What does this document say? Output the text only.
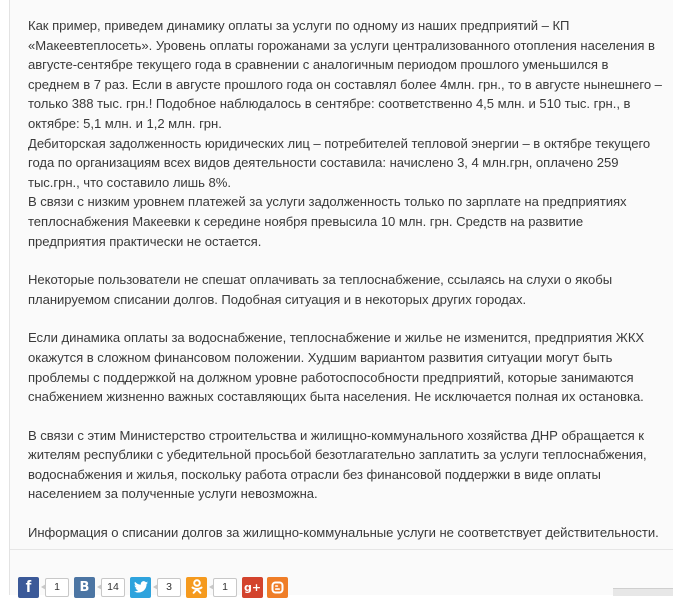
Как пример, приведем динамику оплаты за услуги по одному из наших предприятий – КП
«Макеевтеплосеть». Уровень оплаты горожанами за услуги централизованного отопления населения в
августе-сентябре текущего года в сравнении с аналогичным периодом прошлого уменьшился в
среднем в 7 раз. Если в августе прошлого года он составлял более 4млн. грн., то в августе нынешнего –
только 388 тыс. грн.! Подобное наблюдалось в сентябре: соответственно 4,5 млн. и 510 тыс. грн., в
октябре: 5,1 млн. и 1,2 млн. грн.
Дебиторская задолженность юридических лиц – потребителей тепловой энергии – в октябре текущего
года по организациям всех видов деятельности составила: начислено 3, 4 млн.грн, оплачено 259
тыс.грн., что составило лишь 8%.
В связи с низким уровнем платежей за услуги задолженность только по зарплате на предприятиях
теплоснабжения Макеевки к середине ноября превысила 10 млн. грн. Средств на развитие
предприятия практически не остается.

Некоторые пользователи не спешат оплачивать за теплоснабжение, ссылаясь на слухи о якобы
планируемом списании долгов. Подобная ситуация и в некоторых других городах.

Если динамика оплаты за водоснабжение, теплоснабжение и жилье не изменится, предприятия ЖКХ
окажутся в сложном финансовом положении. Худшим вариантом развития ситуации могут быть
проблемы с поддержкой на должном уровне работоспособности предприятий, которые занимаются
снабжением жизненно важных составляющих быта населения. Не исключается полная их остановка.

В связи с этим Министерство строительства и жилищно-коммунального хозяйства ДНР обращается к
жителям республики с убедительной просьбой безотлагательно заплатить за услуги теплоснабжения,
водоснабжения и жилья, поскольку работа отрасли без финансовой поддержки в виде оплаты
населением за полученные услуги невозможна.

Информация о списании долгов за жилищно-коммунальные услуги не соответствует действительности.

f	1	B	14	3	1	g+
